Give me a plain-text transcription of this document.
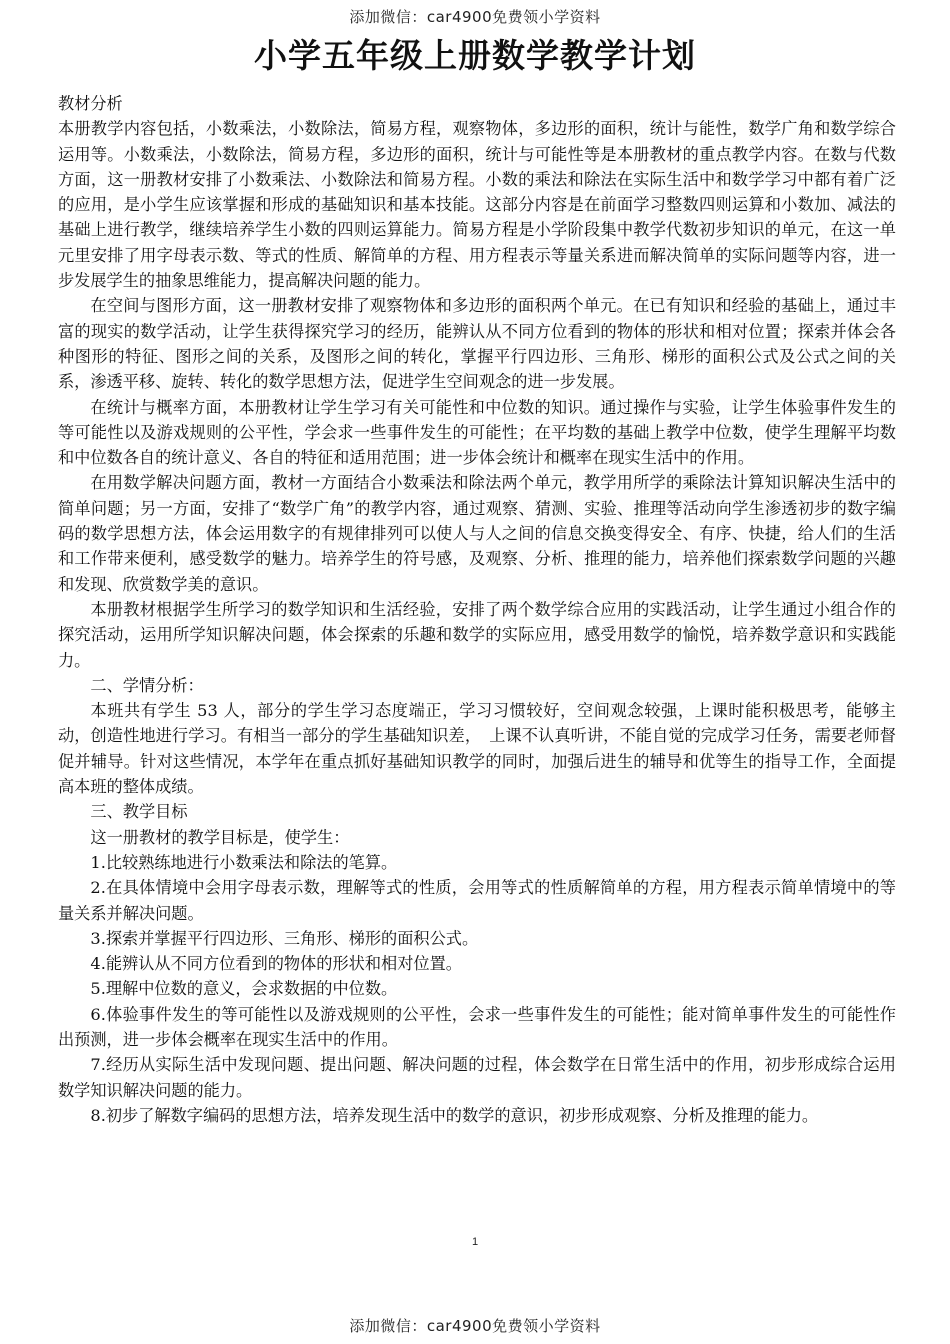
添加微信：car4900免费领小学资料
小学五年级上册数学教学计划

教材分析

本册教学内容包括，小数乘法，小数除法，简易方程，观察物体，多边形的面积，统计与能性，数学广角和数学综合运用等。小数乘法，小数除法，简易方程，多边形的面积，统计与可能性等是本册教材的重点教学内容。在数与代数方面，这一册教材安排了小数乘法、小数除法和简易方程。小数的乘法和除法在实际生活中和数学学习中都有着广泛的应用，是小学生应该掌握和形成的基础知识和基本技能。这部分内容是在前面学习整数四则运算和小数加、减法的基础上进行教学，继续培养学生小数的四则运算能力。简易方程是小学阶段集中教学代数初步知识的单元，在这一单元里安排了用字母表示数、等式的性质、解简单的方程、用方程表示等量关系进而解决简单的实际问题等内容，进一步发展学生的抽象思维能力，提高解决问题的能力。

在空间与图形方面，这一册教材安排了观察物体和多边形的面积两个单元。在已有知识和经验的基础上，通过丰富的现实的数学活动，让学生获得探究学习的经历，能辨认从不同方位看到的物体的形状和相对位置；探索并体会各种图形的特征、图形之间的关系，及图形之间的转化，掌握平行四边形、三角形、梯形的面积公式及公式之间的关系，渗透平移、旋转、转化的数学思想方法，促进学生空间观念的进一步发展。

在统计与概率方面，本册教材让学生学习有关可能性和中位数的知识。通过操作与实验，让学生体验事件发生的等可能性以及游戏规则的公平性，学会求一些事件发生的可能性；在平均数的基础上教学中位数，使学生理解平均数和中位数各自的统计意义、各自的特征和适用范围；进一步体会统计和概率在现实生活中的作用。

在用数学解决问题方面，教材一方面结合小数乘法和除法两个单元，教学用所学的乘除法计算知识解决生活中的简单问题；另一方面，安排了“数学广角”的教学内容，通过观察、猜测、实验、推理等活动向学生渗透初步的数字编码的数学思想方法，体会运用数字的有规律排列可以使人与人之间的信息交换变得安全、有序、快捷，给人们的生活和工作带来便利，感受数学的魅力。培养学生的符号感，及观察、分析、推理的能力，培养他们探索数学问题的兴趣和发现、欣赏数学美的意识。

本册教材根据学生所学习的数学知识和生活经验，安排了两个数学综合应用的实践活动，让学生通过小组合作的探究活动，运用所学知识解决问题，体会探索的乐趣和数学的实际应用，感受用数学的愉悦，培养数学意识和实践能力。

二、学情分析：

本班共有学生 53 人，部分的学生学习态度端正，学习习惯较好，空间观念较强，上课时能积极思考，能够主动，创造性地进行学习。有相当一部分的学生基础知识差，　上课不认真听讲，不能自觉的完成学习任务，需要老师督促并辅导。针对这些情况，本学年在重点抓好基础知识教学的同时，加强后进生的辅导和优等生的指导工作，全面提高本班的整体成绩。

三、教学目标

这一册教材的教学目标是，使学生：

1.比较熟练地进行小数乘法和除法的笔算。

2.在具体情境中会用字母表示数，理解等式的性质，会用等式的性质解简单的方程，用方程表示简单情境中的等量关系并解决问题。

3.探索并掌握平行四边形、三角形、梯形的面积公式。

4.能辨认从不同方位看到的物体的形状和相对位置。

5.理解中位数的意义，会求数据的中位数。

6.体验事件发生的等可能性以及游戏规则的公平性，会求一些事件发生的可能性；能对简单事件发生的可能性作出预测，进一步体会概率在现实生活中的作用。

7.经历从实际生活中发现问题、提出问题、解决问题的过程，体会数学在日常生活中的作用，初步形成综合运用数学知识解决问题的能力。

8.初步了解数字编码的思想方法，培养发现生活中的数学的意识，初步形成观察、分析及推理的能力。

1
添加微信：car4900免费领小学资料
